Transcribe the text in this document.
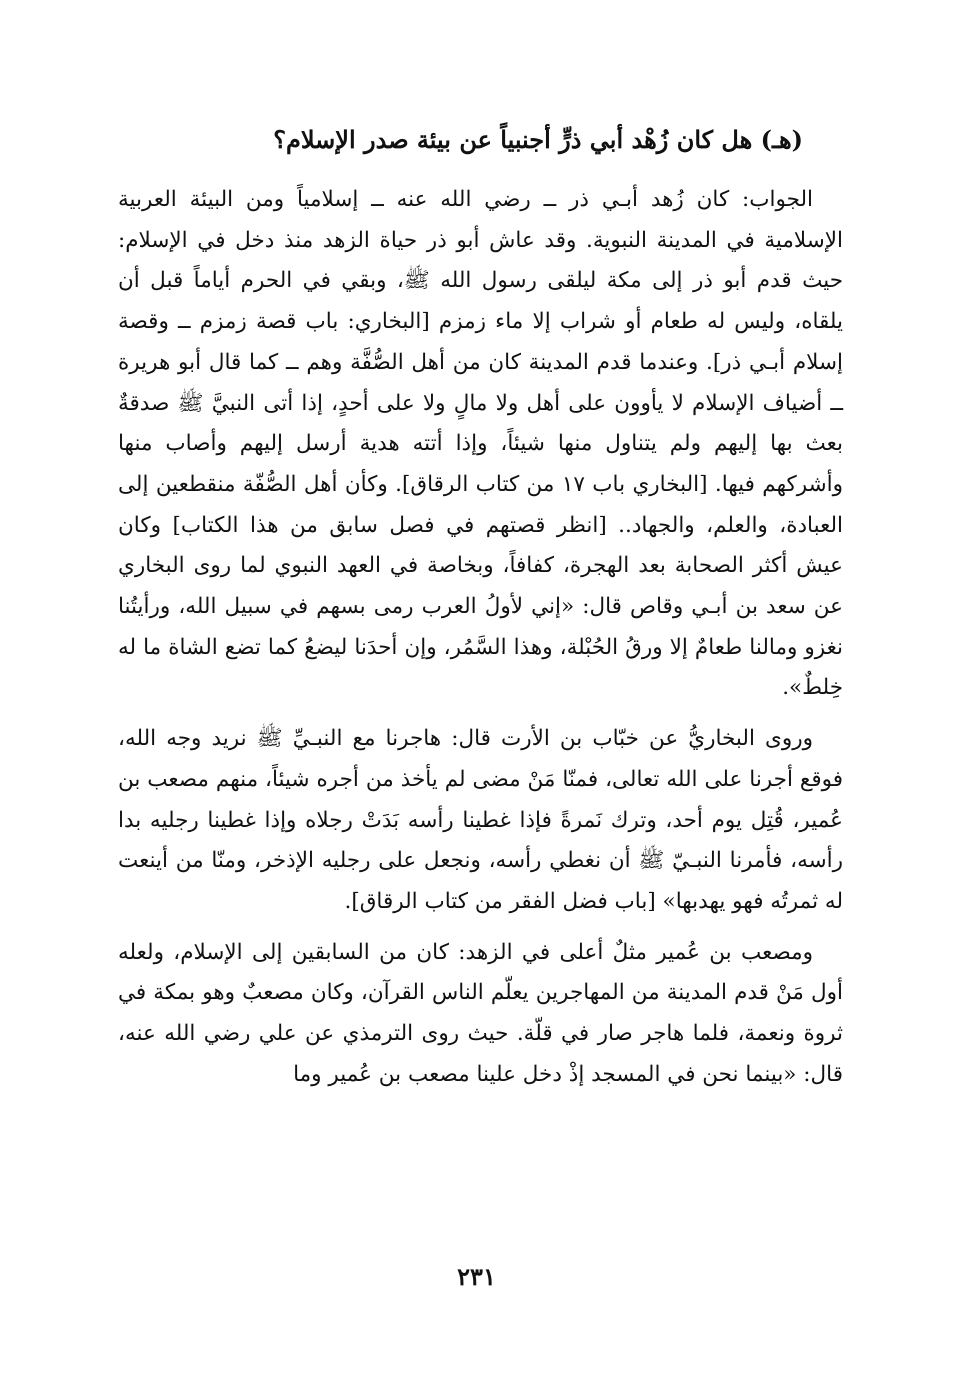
(هـ) هل كان زُهْد أبي ذرٍّ أجنبياً عن بيئة صدر الإسلام؟

الجواب: كان زُهد أبـي ذر ــ رضي الله عنه ــ إسلامياً ومن البيئة العربية الإسلامية في المدينة النبوية. وقد عاش أبو ذر حياة الزهد منذ دخل في الإسلام: حيث قدم أبو ذر إلى مكة ليلقى رسول الله ﷺ، وبقي في الحرم أياماً قبل أن يلقاه، وليس له طعام أو شراب إلا ماء زمزم [البخاري: باب قصة زمزم ــ وقصة إسلام أبـي ذر]. وعندما قدم المدينة كان من أهل الصُّفَّة وهم ــ كما قال أبو هريرة ــ أضياف الإسلام لا يأوون على أهل ولا مالٍ ولا على أحدٍ، إذا أتى النبيَّ ﷺ صدقةٌ بعث بها إليهم ولم يتناول منها شيئاً، وإذا أتته هدية أرسل إليهم وأصاب منها وأشركهم فيها. [البخاري باب ١٧ من كتاب الرقاق]. وكأن أهل الصُّفّة منقطعين إلى العبادة، والعلم، والجهاد.. [انظر قصتهم في فصل سابق من هذا الكتاب] وكان عيش أكثر الصحابة بعد الهجرة، كفافاً، وبخاصة في العهد النبوي لما روى البخاري عن سعد بن أبـي وقاص قال: «إني لأولُ العرب رمى بسهم في سبيل الله، ورأيتُنا نغزو ومالنا طعامٌ إلا ورقُ الحُبْلة، وهذا السَّمُر، وإن أحدَنا ليضعُ كما تضع الشاة ما له خِلطٌ».

وروى البخاريُّ عن خبّاب بن الأرت قال: هاجرنا مع النبـيِّ ﷺ نريد وجه الله، فوقع أجرنا على الله تعالى، فمنّا مَنْ مضى لم يأخذ من أجره شيئاً، منهم مصعب بن عُمير، قُتِل يوم أحد، وترك نَمرةً فإذا غطينا رأسه بَدَتْ رجلاه وإذا غطينا رجليه بدا رأسه، فأمرنا النبـيّ ﷺ أن نغطي رأسه، ونجعل على رجليه الإذخر، ومنّا من أينعت له ثمرتُه فهو يهدبها» [باب فضل الفقر من كتاب الرقاق].

ومصعب بن عُمير مثلٌ أعلى في الزهد: كان من السابقين إلى الإسلام، ولعله أول مَنْ قدم المدينة من المهاجرين يعلّم الناس القرآن، وكان مصعبٌ وهو بمكة في ثروة ونعمة، فلما هاجر صار في قلّة. حيث روى الترمذي عن علي رضي الله عنه، قال: «بينما نحن في المسجد إذْ دخل علينا مصعب بن عُمير وما

٢٣١
